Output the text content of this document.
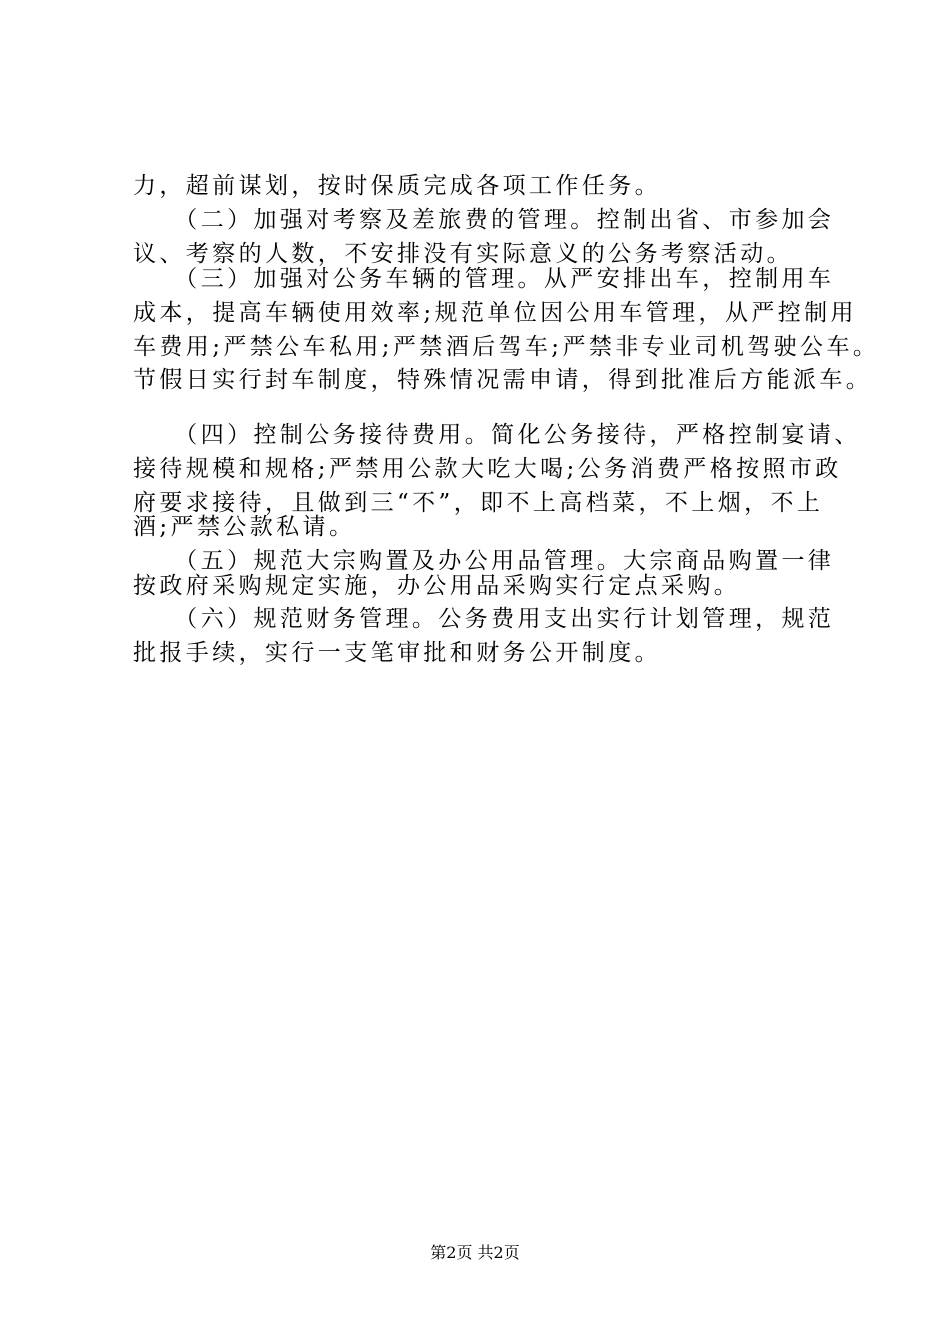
力，超前谋划，按时保质完成各项工作任务。
　　（二）加强对考察及差旅费的管理。控制出省、市参加会
议、考察的人数，不安排没有实际意义的公务考察活动。
　　（三）加强对公务车辆的管理。从严安排出车，控制用车
成本，提高车辆使用效率;规范单位因公用车管理，从严控制用
车费用;严禁公车私用;严禁酒后驾车;严禁非专业司机驾驶公车。
节假日实行封车制度，特殊情况需申请，得到批准后方能派车。
　　（四）控制公务接待费用。简化公务接待，严格控制宴请、
接待规模和规格;严禁用公款大吃大喝;公务消费严格按照市政
府要求接待，且做到三“不”，即不上高档菜，不上烟，不上
酒;严禁公款私请。
　　（五）规范大宗购置及办公用品管理。大宗商品购置一律
按政府采购规定实施，办公用品采购实行定点采购。
　　（六）规范财务管理。公务费用支出实行计划管理，规范
批报手续，实行一支笔审批和财务公开制度。
第2页 共2页
